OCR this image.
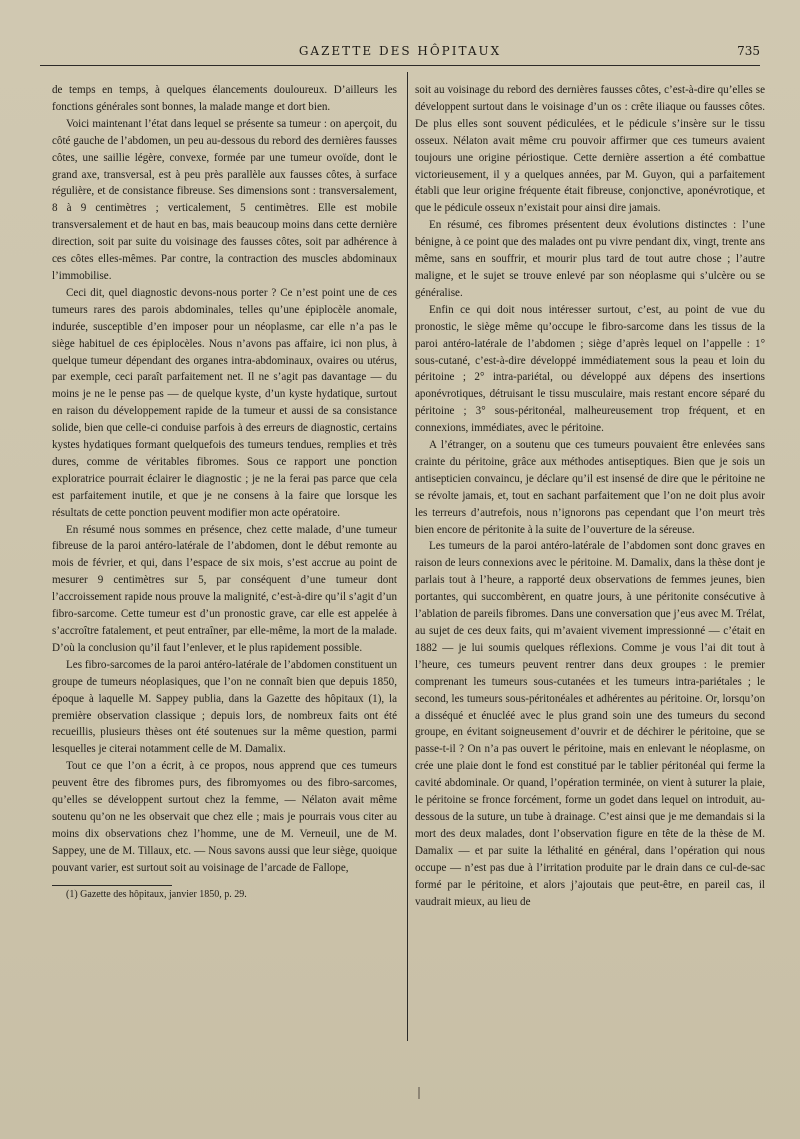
GAZETTE DES HÔPITAUX	735

de temps en temps, à quelques élancements douloureux. D’ailleurs les fonctions générales sont bonnes, la malade mange et dort bien.

Voici maintenant l’état dans lequel se présente sa tumeur : on aperçoit, du côté gauche de l’abdomen, un peu au-dessous du rebord des dernières fausses côtes, une saillie légère, convexe, formée par une tumeur ovoïde, dont le grand axe, transversal, est à peu près parallèle aux fausses côtes, à surface régulière, et de consistance fibreuse. Ses dimensions sont : transversalement, 8 à 9 centimètres ; verticalement, 5 centimètres. Elle est mobile transversalement et de haut en bas, mais beaucoup moins dans cette dernière direction, soit par suite du voisinage des fausses côtes, soit par adhérence à ces côtes elles-mêmes. Par contre, la contraction des muscles abdominaux l’immobilise.

Ceci dit, quel diagnostic devons-nous porter ? Ce n’est point une de ces tumeurs rares des parois abdominales, telles qu’une épiplocèle anomale, indurée, susceptible d’en imposer pour un néoplasme, car elle n’a pas le siège habituel de ces épiplocèles. Nous n’avons pas affaire, ici non plus, à quelque tumeur dépendant des organes intra-abdominaux, ovaires ou utérus, par exemple, ceci paraît parfaitement net. Il ne s’agit pas davantage — du moins je ne le pense pas — de quelque kyste, d’un kyste hydatique, surtout en raison du développement rapide de la tumeur et aussi de sa consistance solide, bien que celle-ci conduise parfois à des erreurs de diagnostic, certains kystes hydatiques formant quelquefois des tumeurs tendues, remplies et très dures, comme de véritables fibromes. Sous ce rapport une ponction exploratrice pourrait éclairer le diagnostic ; je ne la ferai pas parce que cela est parfaitement inutile, et que je ne consens à la faire que lorsque les résultats de cette ponction peuvent modifier mon acte opératoire.

En résumé nous sommes en présence, chez cette malade, d’une tumeur fibreuse de la paroi antéro-latérale de l’abdomen, dont le début remonte au mois de février, et qui, dans l’espace de six mois, s’est accrue au point de mesurer 9 centimètres sur 5, par conséquent d’une tumeur dont l’accroissement rapide nous prouve la malignité, c’est-à-dire qu’il s’agit d’un fibro-sarcome. Cette tumeur est d’un pronostic grave, car elle est appelée à s’accroître fatalement, et peut entraîner, par elle-même, la mort de la malade. D’où la conclusion qu’il faut l’enlever, et le plus rapidement possible.

Les fibro-sarcomes de la paroi antéro-latérale de l’abdomen constituent un groupe de tumeurs néoplasiques, que l’on ne connaît bien que depuis 1850, époque à laquelle M. Sappey publia, dans la Gazette des hôpitaux (1), la première observation classique ; depuis lors, de nombreux faits ont été recueillis, plusieurs thèses ont été soutenues sur la même question, parmi lesquelles je citerai notamment celle de M. Damalix.

Tout ce que l’on a écrit, à ce propos, nous apprend que ces tumeurs peuvent être des fibromes purs, des fibromyomes ou des fibro-sarcomes, qu’elles se développent surtout chez la femme, — Nélaton avait même soutenu qu’on ne les observait que chez elle ; mais je pourrais vous citer au moins dix observations chez l’homme, une de M. Verneuil, une de M. Sappey, une de M. Tillaux, etc. — Nous savons aussi que leur siège, quoique pouvant varier, est surtout soit au voisinage de l’arcade de Fallope,

(1) Gazette des hôpitaux, janvier 1850, p. 29.

soit au voisinage du rebord des dernières fausses côtes, c’est-à-dire qu’elles se développent surtout dans le voisinage d’un os : crête iliaque ou fausses côtes. De plus elles sont souvent pédiculées, et le pédicule s’insère sur le tissu osseux. Nélaton avait même cru pouvoir affirmer que ces tumeurs avaient toujours une origine périostique. Cette dernière assertion a été combattue victorieusement, il y a quelques années, par M. Guyon, qui a parfaitement établi que leur origine fréquente était fibreuse, conjonctive, aponévrotique, et que le pédicule osseux n’existait pour ainsi dire jamais.

En résumé, ces fibromes présentent deux évolutions distinctes : l’une bénigne, à ce point que des malades ont pu vivre pendant dix, vingt, trente ans même, sans en souffrir, et mourir plus tard de tout autre chose ; l’autre maligne, et le sujet se trouve enlevé par son néoplasme qui s’ulcère ou se généralise.

Enfin ce qui doit nous intéresser surtout, c’est, au point de vue du pronostic, le siège même qu’occupe le fibro-sarcome dans les tissus de la paroi antéro-latérale de l’abdomen ; siège d’après lequel on l’appelle : 1° sous-cutané, c’est-à-dire développé immédiatement sous la peau et loin du péritoine ; 2° intra-pariétal, ou développé aux dépens des insertions aponévrotiques, détruisant le tissu musculaire, mais restant encore séparé du péritoine ; 3° sous-péritonéal, malheureusement trop fréquent, et en connexions, immédiates, avec le péritoine.

A l’étranger, on a soutenu que ces tumeurs pouvaient être enlevées sans crainte du péritoine, grâce aux méthodes antiseptiques. Bien que je sois un antisepticien convaincu, je déclare qu’il est insensé de dire que le péritoine ne se révolte jamais, et, tout en sachant parfaitement que l’on ne doit plus avoir les terreurs d’autrefois, nous n’ignorons pas cependant que l’on meurt très bien encore de péritonite à la suite de l’ouverture de la séreuse.

Les tumeurs de la paroi antéro-latérale de l’abdomen sont donc graves en raison de leurs connexions avec le péritoine. M. Damalix, dans la thèse dont je parlais tout à l’heure, a rapporté deux observations de femmes jeunes, bien portantes, qui succombèrent, en quatre jours, à une péritonite consécutive à l’ablation de pareils fibromes. Dans une conversation que j’eus avec M. Trélat, au sujet de ces deux faits, qui m’avaient vivement impressionné — c’était en 1882 — je lui soumis quelques réflexions. Comme je vous l’ai dit tout à l’heure, ces tumeurs peuvent rentrer dans deux groupes : le premier comprenant les tumeurs sous-cutanées et les tumeurs intra-pariétales ; le second, les tumeurs sous-péritonéales et adhérentes au péritoine. Or, lorsqu’on a disséqué et énucléé avec le plus grand soin une des tumeurs du second groupe, en évitant soigneusement d’ouvrir et de déchirer le péritoine, que se passe-t-il ? On n’a pas ouvert le péritoine, mais en enlevant le néoplasme, on crée une plaie dont le fond est constitué par le tablier péritonéal qui ferme la cavité abdominale. Or quand, l’opération terminée, on vient à suturer la plaie, le péritoine se fronce forcément, forme un godet dans lequel on introduit, au-dessous de la suture, un tube à drainage. C’est ainsi que je me demandais si la mort des deux malades, dont l’observation figure en tête de la thèse de M. Damalix — et par suite la léthalité en général, dans l’opération qui nous occupe — n’est pas due à l’irritation produite par le drain dans ce cul-de-sac formé par le péritoine, et alors j’ajoutais que peut-être, en pareil cas, il vaudrait mieux, au lieu de
